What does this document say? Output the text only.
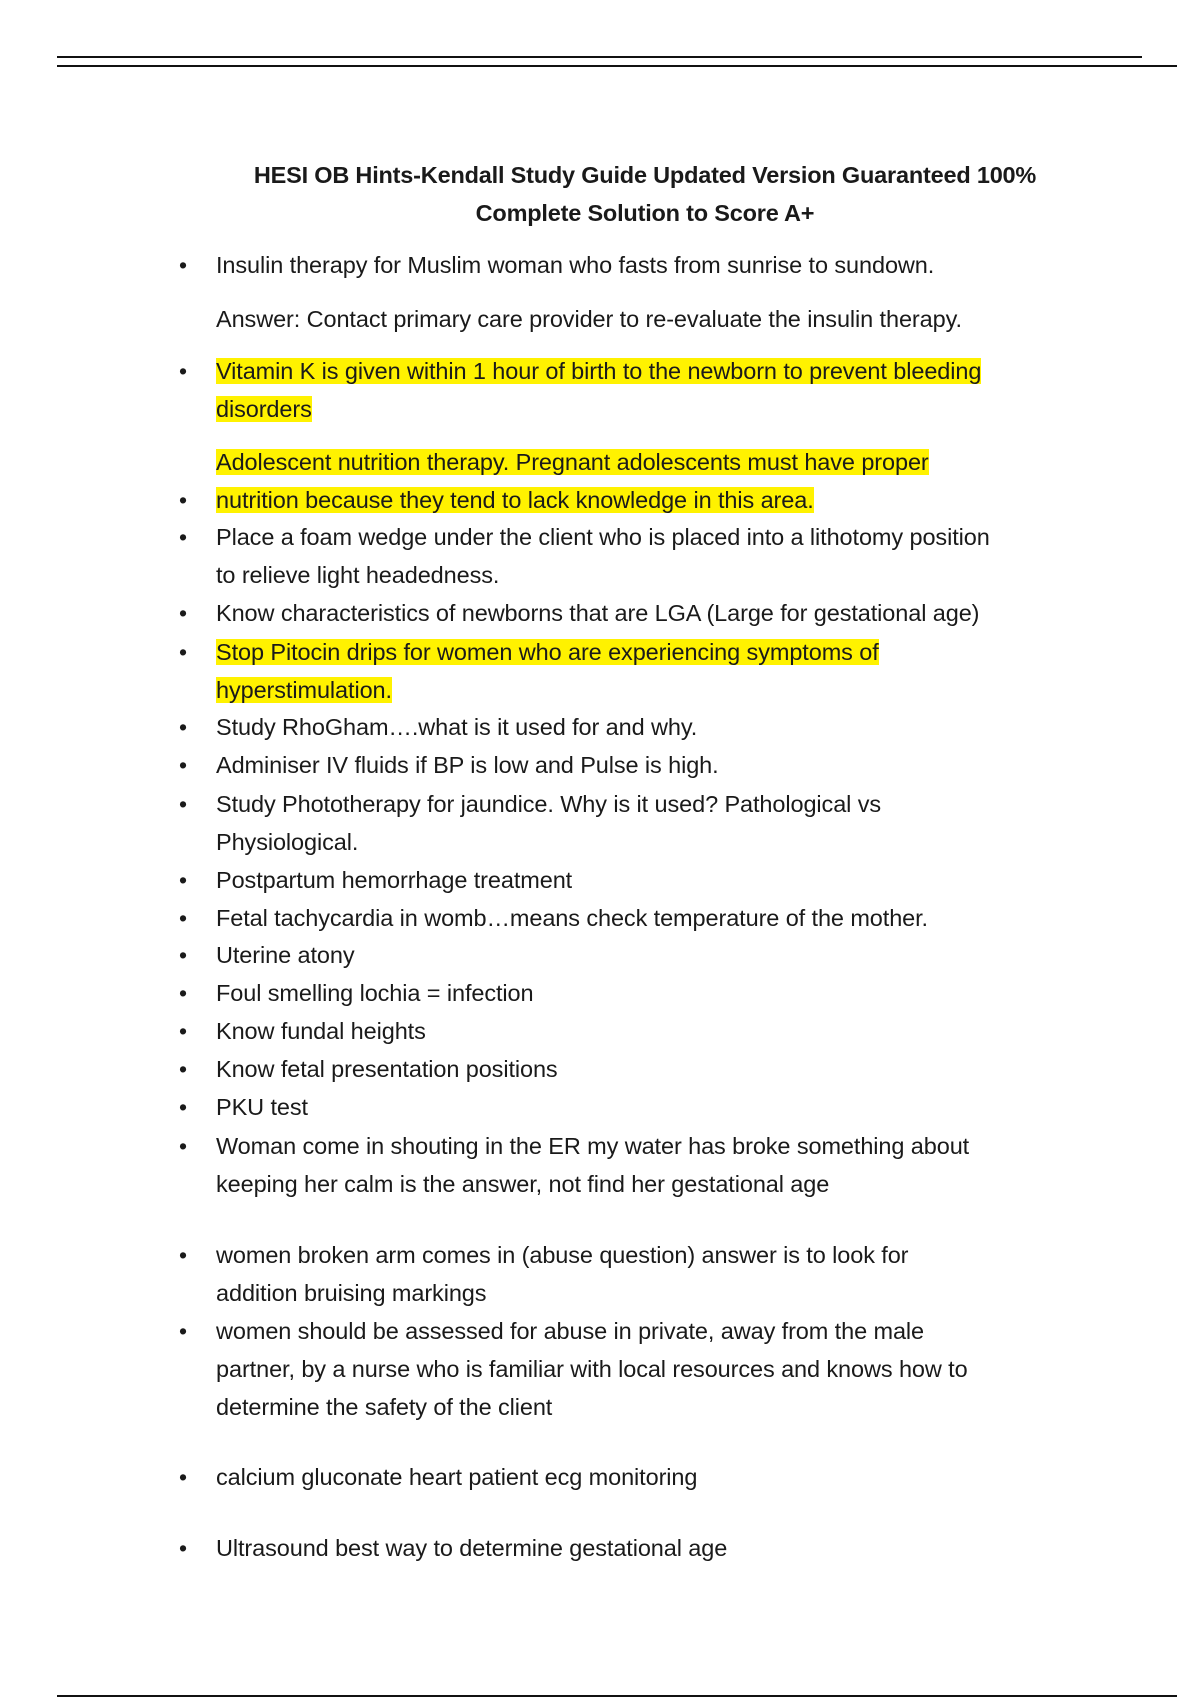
HESI OB Hints-Kendall Study Guide Updated Version Guaranteed 100%
Complete Solution to Score A+
• Insulin therapy for Muslim woman who fasts from sunrise to sundown.
Answer: Contact primary care provider to re-evaluate the insulin therapy.
• Vitamin K is given within 1 hour of birth to the newborn to prevent bleeding
disorders
•
Adolescent nutrition therapy. Pregnant adolescents must have proper
nutrition because they tend to lack knowledge in this area.
• Place a foam wedge under the client who is placed into a lithotomy position
to relieve light headedness.
• Know characteristics of newborns that are LGA (Large for gestational age)
• Stop Pitocin drips for women who are experiencing symptoms of
hyperstimulation.
• Study RhoGham….what is it used for and why.
• Adminiser IV fluids if BP is low and Pulse is high.
• Study Phototherapy for jaundice. Why is it used? Pathological vs
Physiological.
• Postpartum hemorrhage treatment
• Fetal tachycardia in womb…means check temperature of the mother.
• Uterine atony
• Foul smelling lochia = infection
• Know fundal heights
• Know fetal presentation positions
• PKU test
• Woman come in shouting in the ER my water has broke something about
keeping her calm is the answer, not find her gestational age
• women broken arm comes in (abuse question) answer is to look for
addition bruising markings
• women should be assessed for abuse in private, away from the male
partner, by a nurse who is familiar with local resources and knows how to
determine the safety of the client
• calcium gluconate heart patient ecg monitoring
• Ultrasound best way to determine gestational age
